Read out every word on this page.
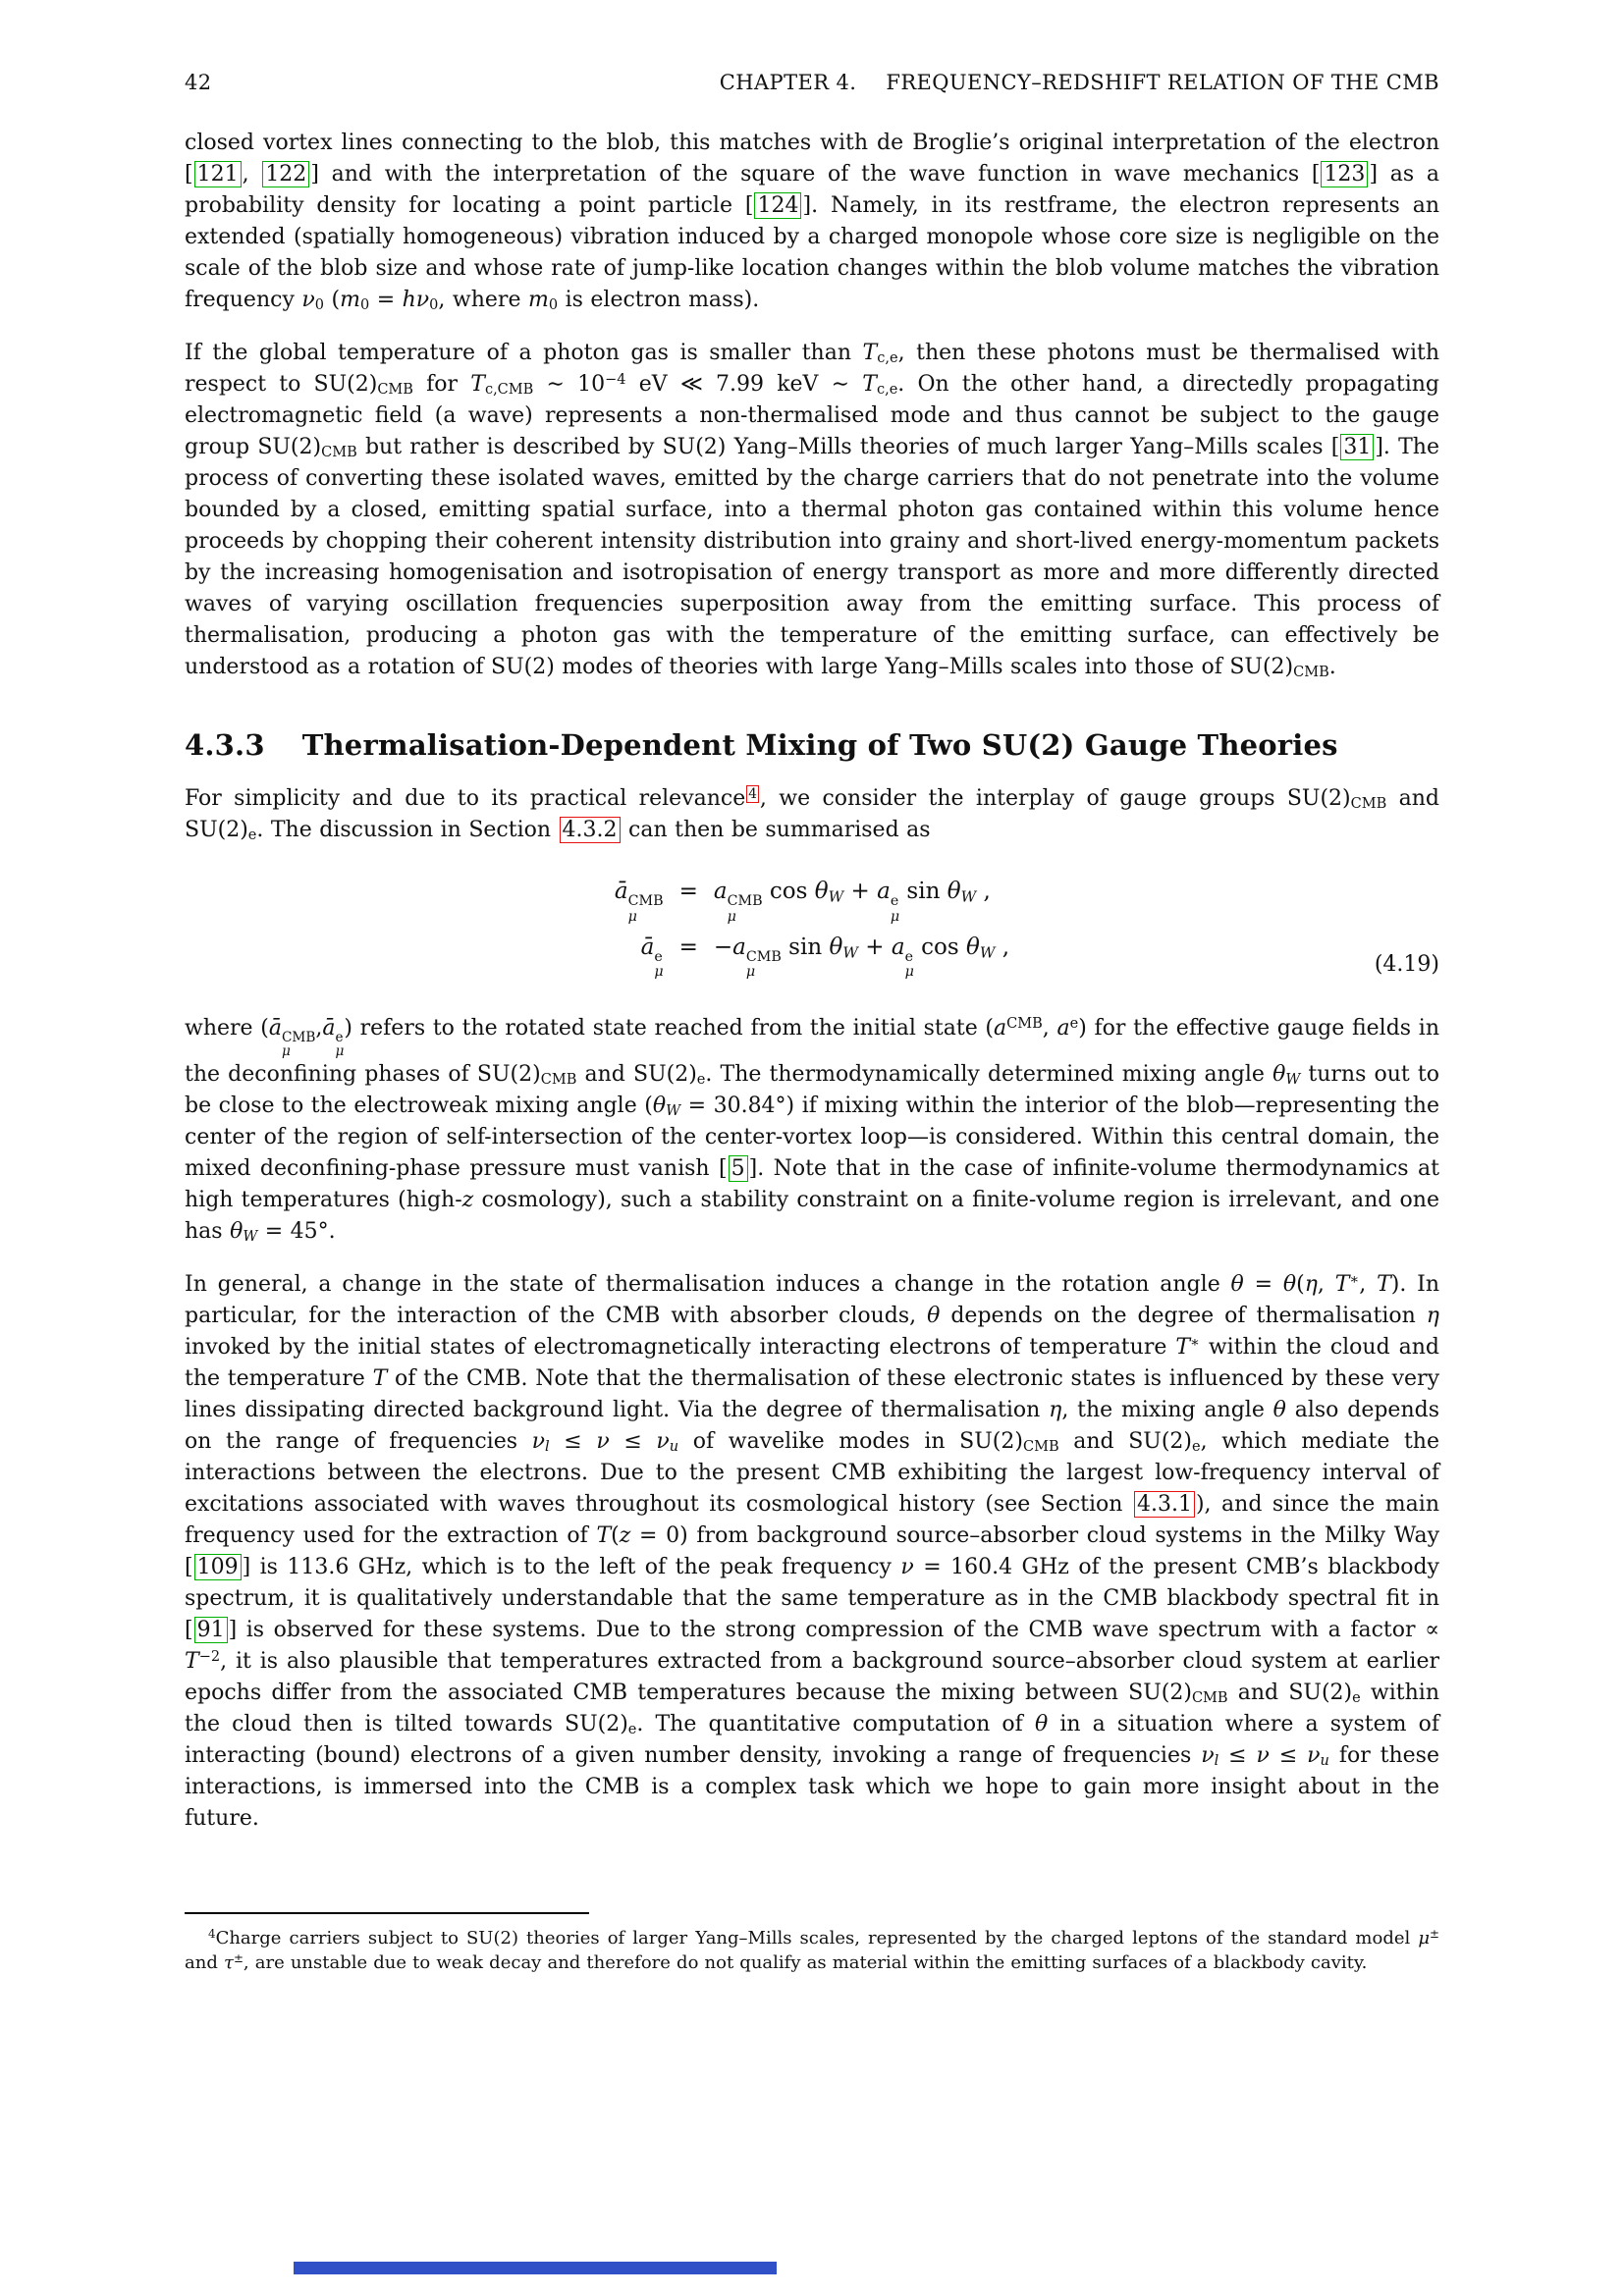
42	CHAPTER 4. FREQUENCY–REDSHIFT RELATION OF THE CMB

closed vortex lines connecting to the blob, this matches with de Broglie’s original interpretation of the electron [ 121 , 122 ] and with the interpretation of the square of the wave function in wave mechanics [ 123 ] as a probability density for locating a point particle [ 124 ]. Namely, in its restframe, the electron represents an extended (spatially homogeneous) vibration induced by a charged monopole whose core size is negligible on the scale of the blob size and whose rate of jump-like location changes within the blob volume matches the vibration frequency ν0 (m0 = hν0, where m0 is electron mass).

If the global temperature of a photon gas is smaller than Tc,e, then these photons must be thermalised with respect to SU(2)CMB for Tc,CMB ∼ $10^{-4}$ eV ≪ 7.99 keV ∼ Tc,e. On the other hand, a directedly propagating electromagnetic field (a wave) represents a non-thermalised mode and thus cannot be subject to the gauge group SU(2)CMB but rather is described by SU(2) Yang–Mills theories of much larger Yang–Mills scales [ 31 ]. The process of converting these isolated waves, emitted by the charge carriers that do not penetrate into the volume bounded by a closed, emitting spatial surface, into a thermal photon gas contained within this volume hence proceeds by chopping their coherent intensity distribution into grainy and short-lived energy-momentum packets by the increasing homogenisation and isotropisation of energy transport as more and more differently directed waves of varying oscillation frequencies superposition away from the emitting surface. This process of thermalisation, producing a photon gas with the temperature of the emitting surface, can effectively be understood as a rotation of SU(2) modes of theories with large Yang–Mills scales into those of SU(2)CMB.

4.3.3 Thermalisation-Dependent Mixing of Two SU(2) Gauge Theories

For simplicity and due to its practical relevance $^4$ , we consider the interplay of gauge groups SU(2)CMB and SU(2)e. The discussion in Section 4.3.2 can then be summarised as

ā CMB
μ
	=	a CMB
μ
cos θW + a e
μ
sin θW ,
ā e
μ
	=	−a CMB
μ
sin θW + a e
μ
cos θW ,
(4.19)

where (ā CMB
μ
,ā e
μ
) refers to the rotated state reached from the initial state ($a^{CMB}$, $a^e$) for the effective gauge fields in the deconfining phases of SU(2)CMB and SU(2)e. The thermodynamically determined mixing angle θW turns out to be close to the electroweak mixing angle (θW = 30.84°) if mixing within the interior of the blob—representing the center of the region of self-intersection of the center-vortex loop—is considered. Within this central domain, the mixed deconfining-phase pressure must vanish [ 5 ]. Note that in the case of infinite-volume thermodynamics at high temperatures (high-z cosmology), such a stability constraint on a finite-volume region is irrelevant, and one has θW = 45°.

In general, a change in the state of thermalisation induces a change in the rotation angle θ = θ(η, T∗, T). In particular, for the interaction of the CMB with absorber clouds, θ depends on the degree of thermalisation η invoked by the initial states of electromagnetically interacting electrons of temperature T∗ within the cloud and the temperature T of the CMB. Note that the thermalisation of these electronic states is influenced by these very lines dissipating directed background light. Via the degree of thermalisation η, the mixing angle θ also depends on the range of frequencies νl ≤ ν ≤ νu of wavelike modes in SU(2)CMB and SU(2)e, which mediate the interactions between the electrons. Due to the present CMB exhibiting the largest low-frequency interval of excitations associated with waves throughout its cosmological history (see Section 4.3.1 ), and since the main frequency used for the extraction of T(z = 0) from background source–absorber cloud systems in the Milky Way [ 109 ] is 113.6 GHz, which is to the left of the peak frequency ν = 160.4 GHz of the present CMB’s blackbody spectrum, it is qualitatively understandable that the same temperature as in the CMB blackbody spectral fit in [ 91 ] is observed for these systems. Due to the strong compression of the CMB wave spectrum with a factor ∝ $T^{-2}$, it is also plausible that temperatures extracted from a background source–absorber cloud system at earlier epochs differ from the associated CMB temperatures because the mixing between SU(2)CMB and SU(2)e within the cloud then is tilted towards SU(2)e. The quantitative computation of θ in a situation where a system of interacting (bound) electrons of a given number density, invoking a range of frequencies νl ≤ ν ≤ νu for these interactions, is immersed into the CMB is a complex task which we hope to gain more insight about in the future.

$^4$Charge carriers subject to SU(2) theories of larger Yang–Mills scales, represented by the charged leptons of the standard model μ± and τ±, are unstable due to weak decay and therefore do not qualify as material within the emitting surfaces of a blackbody cavity.
